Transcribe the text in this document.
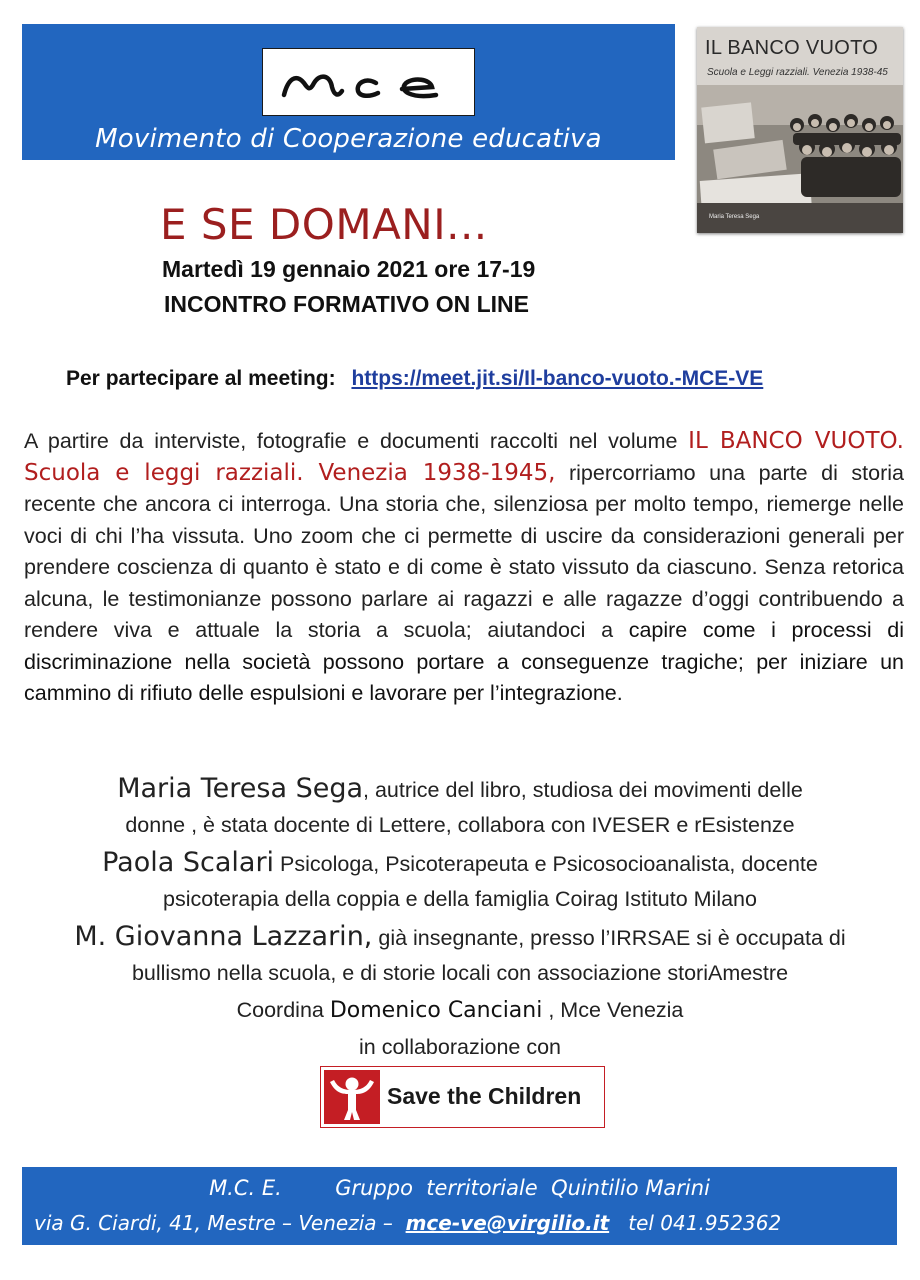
Movimento di Cooperazione educativa
IL BANCO VUOTO
Scuola e Leggi razziali. Venezia 1938-45
Maria Teresa Sega
E SE DOMANI...
Martedì 19 gennaio 2021 ore 17-19
INCONTRO FORMATIVO ON LINE
Per partecipare al meeting: https://meet.jit.si/Il-banco-vuoto.-MCE-VE
A partire da interviste, fotografie e documenti raccolti nel volume IL BANCO VUOTO. Scuola e leggi razziali. Venezia 1938-1945, ripercorriamo una parte di storia recente che ancora ci interroga. Una storia che, silenziosa per molto tempo, riemerge nelle voci di chi l’ha vissuta. Uno zoom che ci permette di uscire da considerazioni generali per prendere coscienza di quanto è stato e di come è stato vissuto da ciascuno. Senza retorica alcuna, le testimonianze possono parlare ai ragazzi e alle ragazze d’oggi contribuendo a rendere viva e attuale la storia a scuola; aiutandoci a capire come i processi di discriminazione nella società possono portare a conseguenze tragiche; per iniziare un cammino di rifiuto delle espulsioni e lavorare per l’integrazione.
Maria Teresa Sega, autrice del libro, studiosa dei movimenti delle
donne , è stata docente di Lettere, collabora con IVESER e rEsistenze
Paola Scalari Psicologa, Psicoterapeuta e Psicosocioanalista, docente
psicoterapia della coppia e della famiglia Coirag Istituto Milano
M. Giovanna Lazzarin, già insegnante, presso l’IRRSAE si è occupata di
bullismo nella scuola, e di storie locali con associazione storiAmestre
Coordina Domenico Canciani , Mce Venezia
in collaborazione con
Save the Children
M.C. E.        Gruppo  territoriale  Quintilio Marini
via G. Ciardi, 41, Mestre – Venezia –  mce-ve@virgilio.it   tel 041.952362
